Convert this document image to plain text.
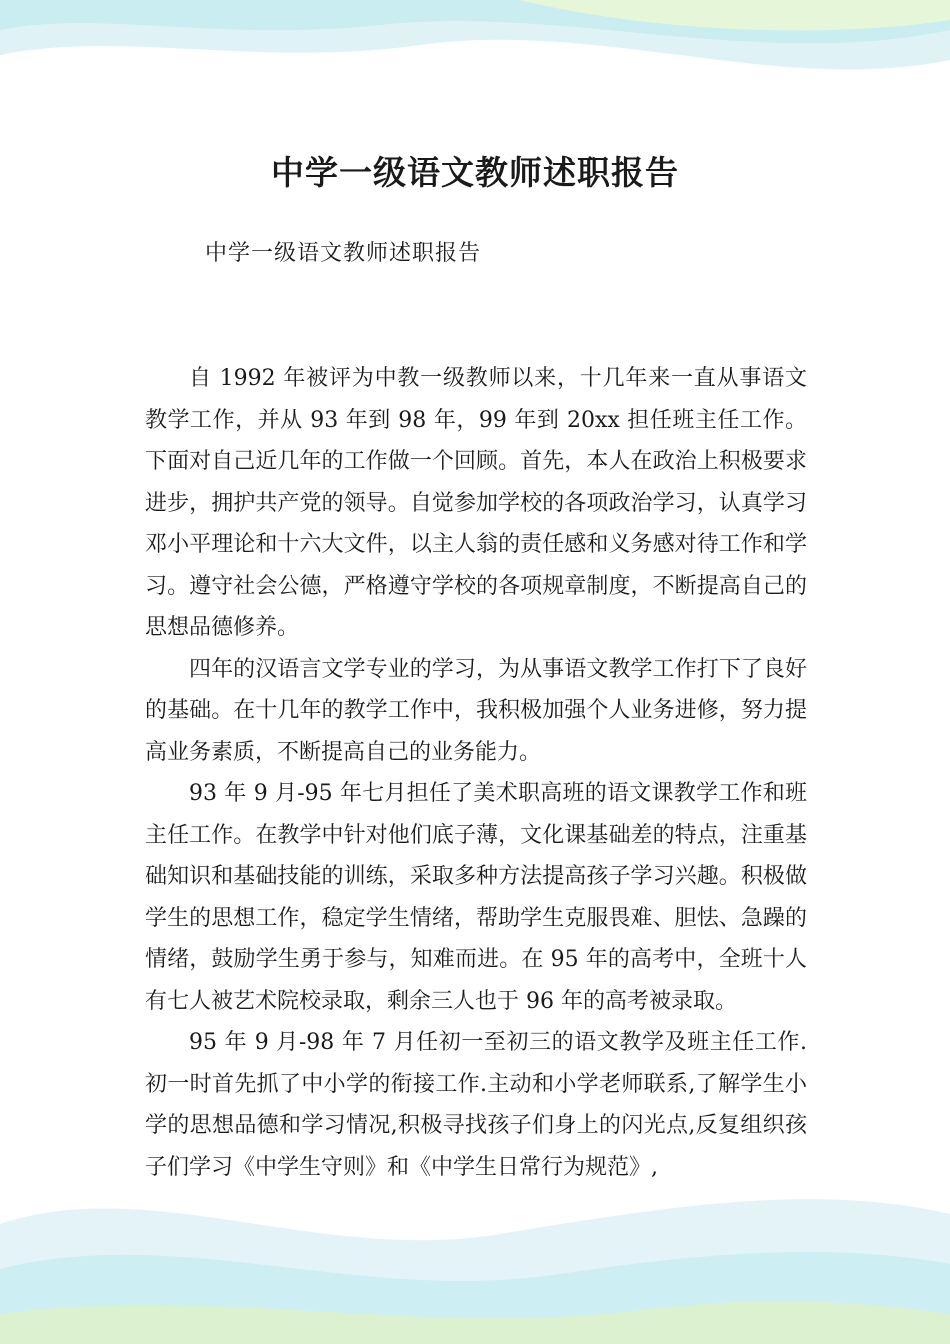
中学一级语文教师述职报告
中学一级语文教师述职报告

自 1992 年被评为中教一级教师以来，十几年来一直从事语文教学工作，并从 93 年到 98 年，99 年到 20xx 担任班主任工作。下面对自己近几年的工作做一个回顾。首先，本人在政治上积极要求进步，拥护共产党的领导。自觉参加学校的各项政治学习，认真学习邓小平理论和十六大文件，以主人翁的责任感和义务感对待工作和学习。遵守社会公德，严格遵守学校的各项规章制度，不断提高自己的思想品德修养。

四年的汉语言文学专业的学习，为从事语文教学工作打下了良好的基础。在十几年的教学工作中，我积极加强个人业务进修，努力提高业务素质，不断提高自己的业务能力。

93 年 9 月-95 年七月担任了美术职高班的语文课教学工作和班主任工作。在教学中针对他们底子薄，文化课基础差的特点，注重基础知识和基础技能的训练，采取多种方法提高孩子学习兴趣。积极做学生的思想工作，稳定学生情绪，帮助学生克服畏难、胆怯、急躁的情绪，鼓励学生勇于参与，知难而进。在 95 年的高考中，全班十人有七人被艺术院校录取，剩余三人也于 96 年的高考被录取。

95 年 9 月-98 年 7 月任初一至初三的语文教学及班主任工作.初一时首先抓了中小学的衔接工作.主动和小学老师联系,了解学生小学的思想品德和学习情况,积极寻找孩子们身上的闪光点,反复组织孩子们学习《中学生守则》和《中学生日常行为规范》,
